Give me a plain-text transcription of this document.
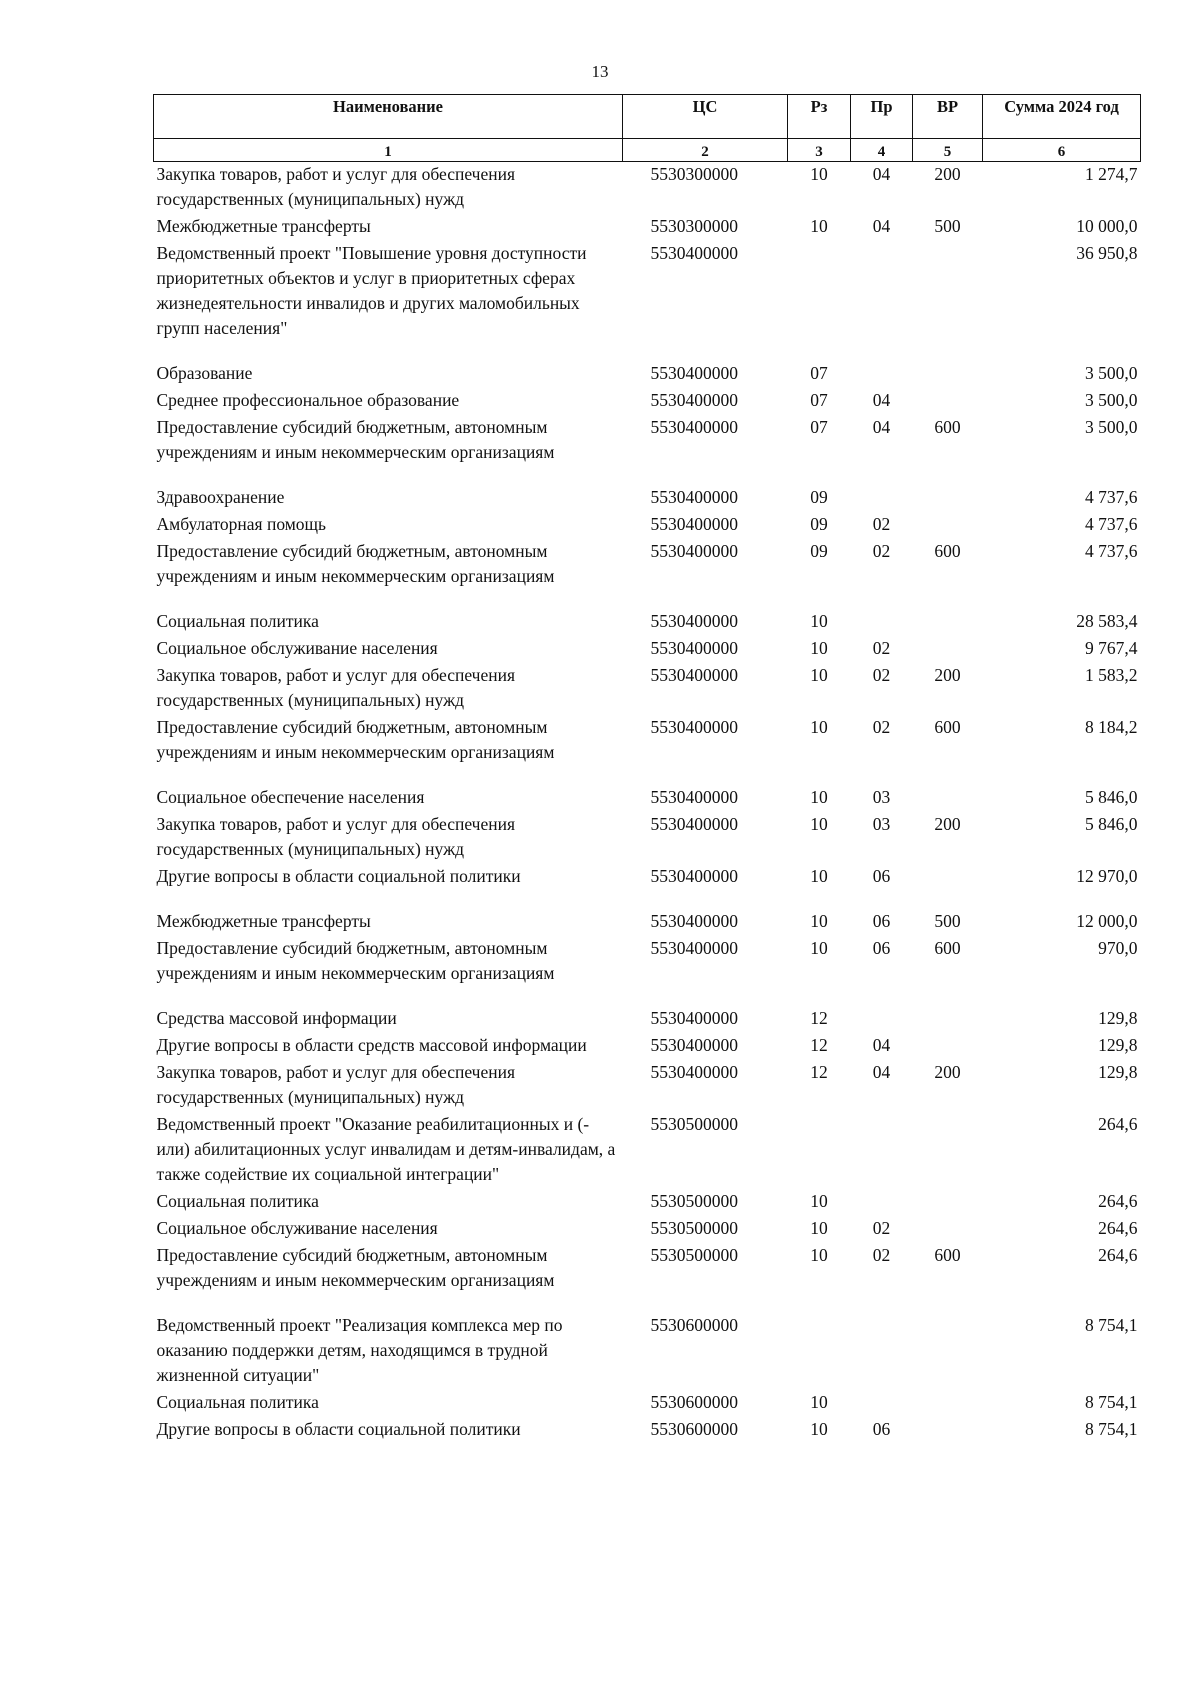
13
Наименование	ЦС	Рз	Пр	ВР	Сумма 2024 год
1	2	3	4	5	6
Закупка товаров, работ и услуг для обеспечения государственных (муниципальных) нужд	5530300000	10	04	200	1 274,7
Межбюджетные трансферты	5530300000	10	04	500	10 000,0
Ведомственный проект "Повышение уровня доступности приоритетных объектов и услуг в приоритетных сферах жизнедеятельности инвалидов и других маломобильных групп населения"	5530400000				36 950,8
Образование	5530400000	07			3 500,0
Среднее профессиональное образование	5530400000	07	04		3 500,0
Предоставление субсидий бюджетным, автономным учреждениям и иным некоммерческим организациям	5530400000	07	04	600	3 500,0
Здравоохранение	5530400000	09			4 737,6
Амбулаторная помощь	5530400000	09	02		4 737,6
Предоставление субсидий бюджетным, автономным учреждениям и иным некоммерческим организациям	5530400000	09	02	600	4 737,6
Социальная политика	5530400000	10			28 583,4
Социальное обслуживание населения	5530400000	10	02		9 767,4
Закупка товаров, работ и услуг для обеспечения государственных (муниципальных) нужд	5530400000	10	02	200	1 583,2
Предоставление субсидий бюджетным, автономным учреждениям и иным некоммерческим организациям	5530400000	10	02	600	8 184,2
Социальное обеспечение населения	5530400000	10	03		5 846,0
Закупка товаров, работ и услуг для обеспечения государственных (муниципальных) нужд	5530400000	10	03	200	5 846,0
Другие вопросы в области социальной политики	5530400000	10	06		12 970,0
Межбюджетные трансферты	5530400000	10	06	500	12 000,0
Предоставление субсидий бюджетным, автономным учреждениям и иным некоммерческим организациям	5530400000	10	06	600	970,0
Средства массовой информации	5530400000	12			129,8
Другие вопросы в области средств массовой информации	5530400000	12	04		129,8
Закупка товаров, работ и услуг для обеспечения государственных (муниципальных) нужд	5530400000	12	04	200	129,8
Ведомственный проект "Оказание реабилитационных и (-или) абилитационных услуг инвалидам и детям-инвалидам, а также содействие их социальной интеграции"	5530500000				264,6
Социальная политика	5530500000	10			264,6
Социальное обслуживание населения	5530500000	10	02		264,6
Предоставление субсидий бюджетным, автономным учреждениям и иным некоммерческим организациям	5530500000	10	02	600	264,6
Ведомственный проект "Реализация комплекса мер по оказанию поддержки детям, находящимся в трудной жизненной ситуации"	5530600000				8 754,1
Социальная политика	5530600000	10			8 754,1
Другие вопросы в области социальной политики	5530600000	10	06		8 754,1
